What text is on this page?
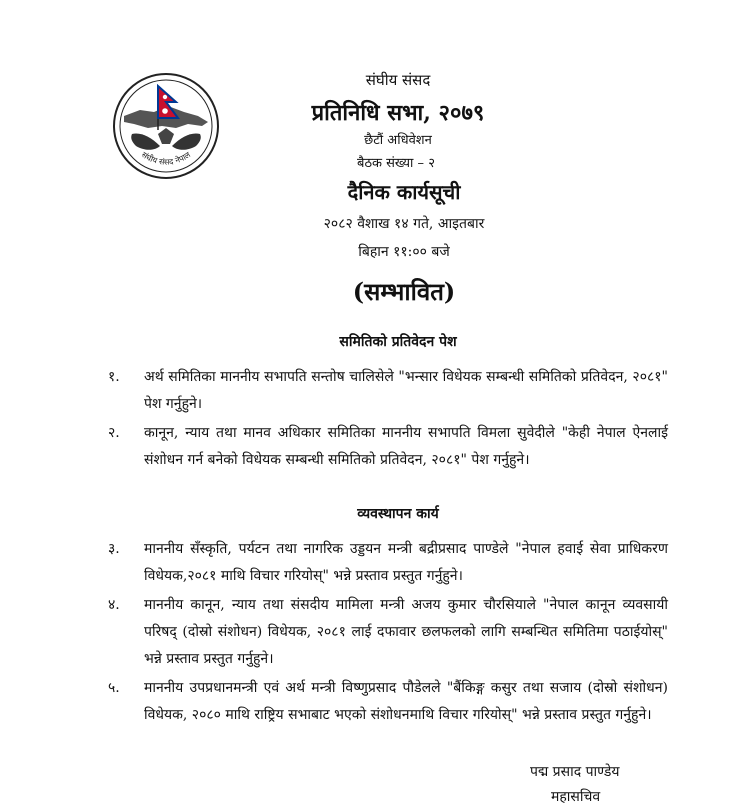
संघीय संसद नेपाल
संघीय संसद
प्रतिनिधि सभा, २०७९
छैटौं अधिवेशन
बैठक संख्या – २
दैनिक कार्यसूची
२०८२ वैशाख १४ गते, आइतबार
बिहान ११:०० बजे
(सम्भावित)
समितिको प्रतिवेदन पेश
१. अर्थ समितिका माननीय सभापति सन्तोष चालिसेले "भन्सार विधेयक सम्बन्धी समितिको प्रतिवेदन, २०८१" पेश गर्नुहुने।
२. कानून, न्याय तथा मानव अधिकार समितिका माननीय सभापति विमला सुवेदीले "केही नेपाल ऐनलाई संशोधन गर्न बनेको विधेयक सम्बन्धी समितिको प्रतिवेदन, २०८१" पेश गर्नुहुने।
व्यवस्थापन कार्य
३. माननीय सँस्कृति, पर्यटन तथा नागरिक उड्डयन मन्त्री बद्रीप्रसाद पाण्डेले "नेपाल हवाई सेवा प्राधिकरण विधेयक,२०८१ माथि विचार गरियोस्" भन्ने प्रस्ताव प्रस्तुत गर्नुहुने।
४. माननीय कानून, न्याय तथा संसदीय मामिला मन्त्री अजय कुमार चौरसियाले "नेपाल कानून व्यवसायी परिषद् (दोस्रो संशोधन) विधेयक, २०८१ लाई दफावार छलफलको लागि सम्बन्धित समितिमा पठाईयोस्" भन्ने प्रस्ताव प्रस्तुत गर्नुहुने।
५. माननीय उपप्रधानमन्त्री एवं अर्थ मन्त्री विष्णुप्रसाद पौडेलले "बैंकिङ्ग कसुर तथा सजाय (दोस्रो संशोधन) विधेयक, २०८० माथि राष्ट्रिय सभाबाट भएको संशोधनमाथि विचार गरियोस्" भन्ने प्रस्ताव प्रस्तुत गर्नुहुने।
पद्म प्रसाद पाण्डेय
महासचिव
